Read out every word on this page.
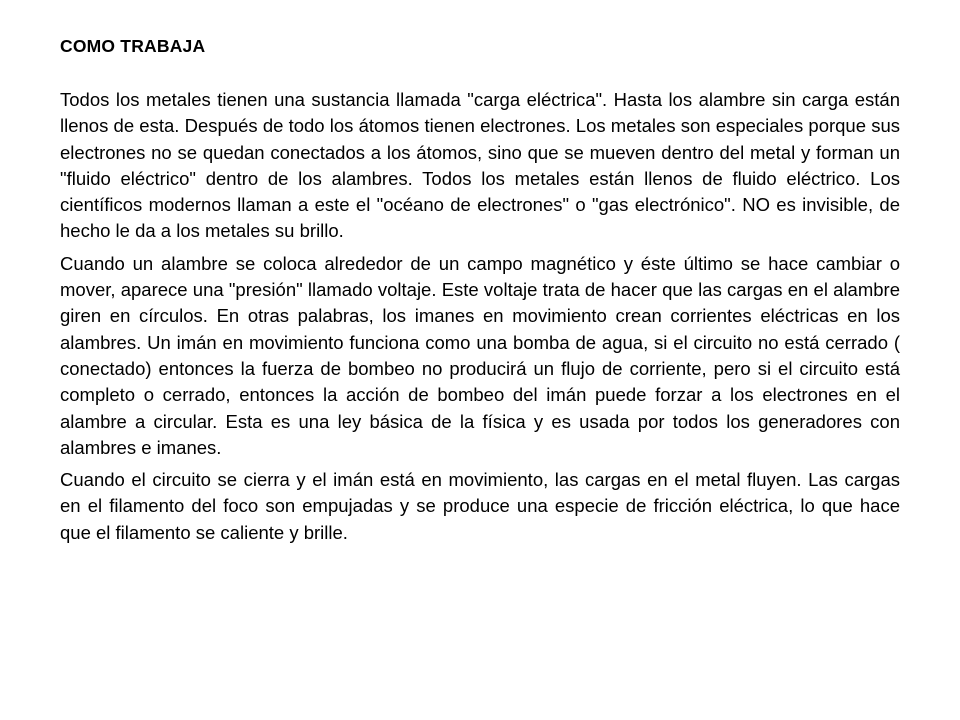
COMO TRABAJA

Todos los metales tienen una sustancia llamada "carga eléctrica". Hasta los alambre sin carga están llenos de esta. Después de todo los átomos tienen electrones. Los metales son especiales porque sus electrones no se quedan conectados a los átomos, sino que se mueven dentro del metal y forman un "fluido eléctrico" dentro de los alambres. Todos los metales están llenos de fluido eléctrico. Los científicos modernos llaman a este el "océano de electrones" o "gas electrónico". NO es invisible, de hecho le da a los metales su brillo.

Cuando un alambre se coloca alrededor de un campo magnético y éste último se hace cambiar o mover, aparece una "presión" llamado voltaje. Este voltaje trata de hacer que las cargas en el alambre giren en círculos. En otras palabras, los imanes en movimiento crean corrientes eléctricas en los alambres. Un imán en movimiento funciona como una bomba de agua, si el circuito no está cerrado ( conectado) entonces la fuerza de bombeo no producirá un flujo de corriente, pero si el circuito está completo o cerrado, entonces la acción de bombeo del imán puede forzar a los electrones en el alambre a circular. Esta es una ley básica de la física y es usada por todos los generadores con alambres e imanes.

Cuando el circuito se cierra y el imán está en movimiento, las cargas en el metal fluyen. Las cargas en el filamento del foco son empujadas y se produce una especie de fricción eléctrica, lo que hace que el filamento se caliente y brille.
